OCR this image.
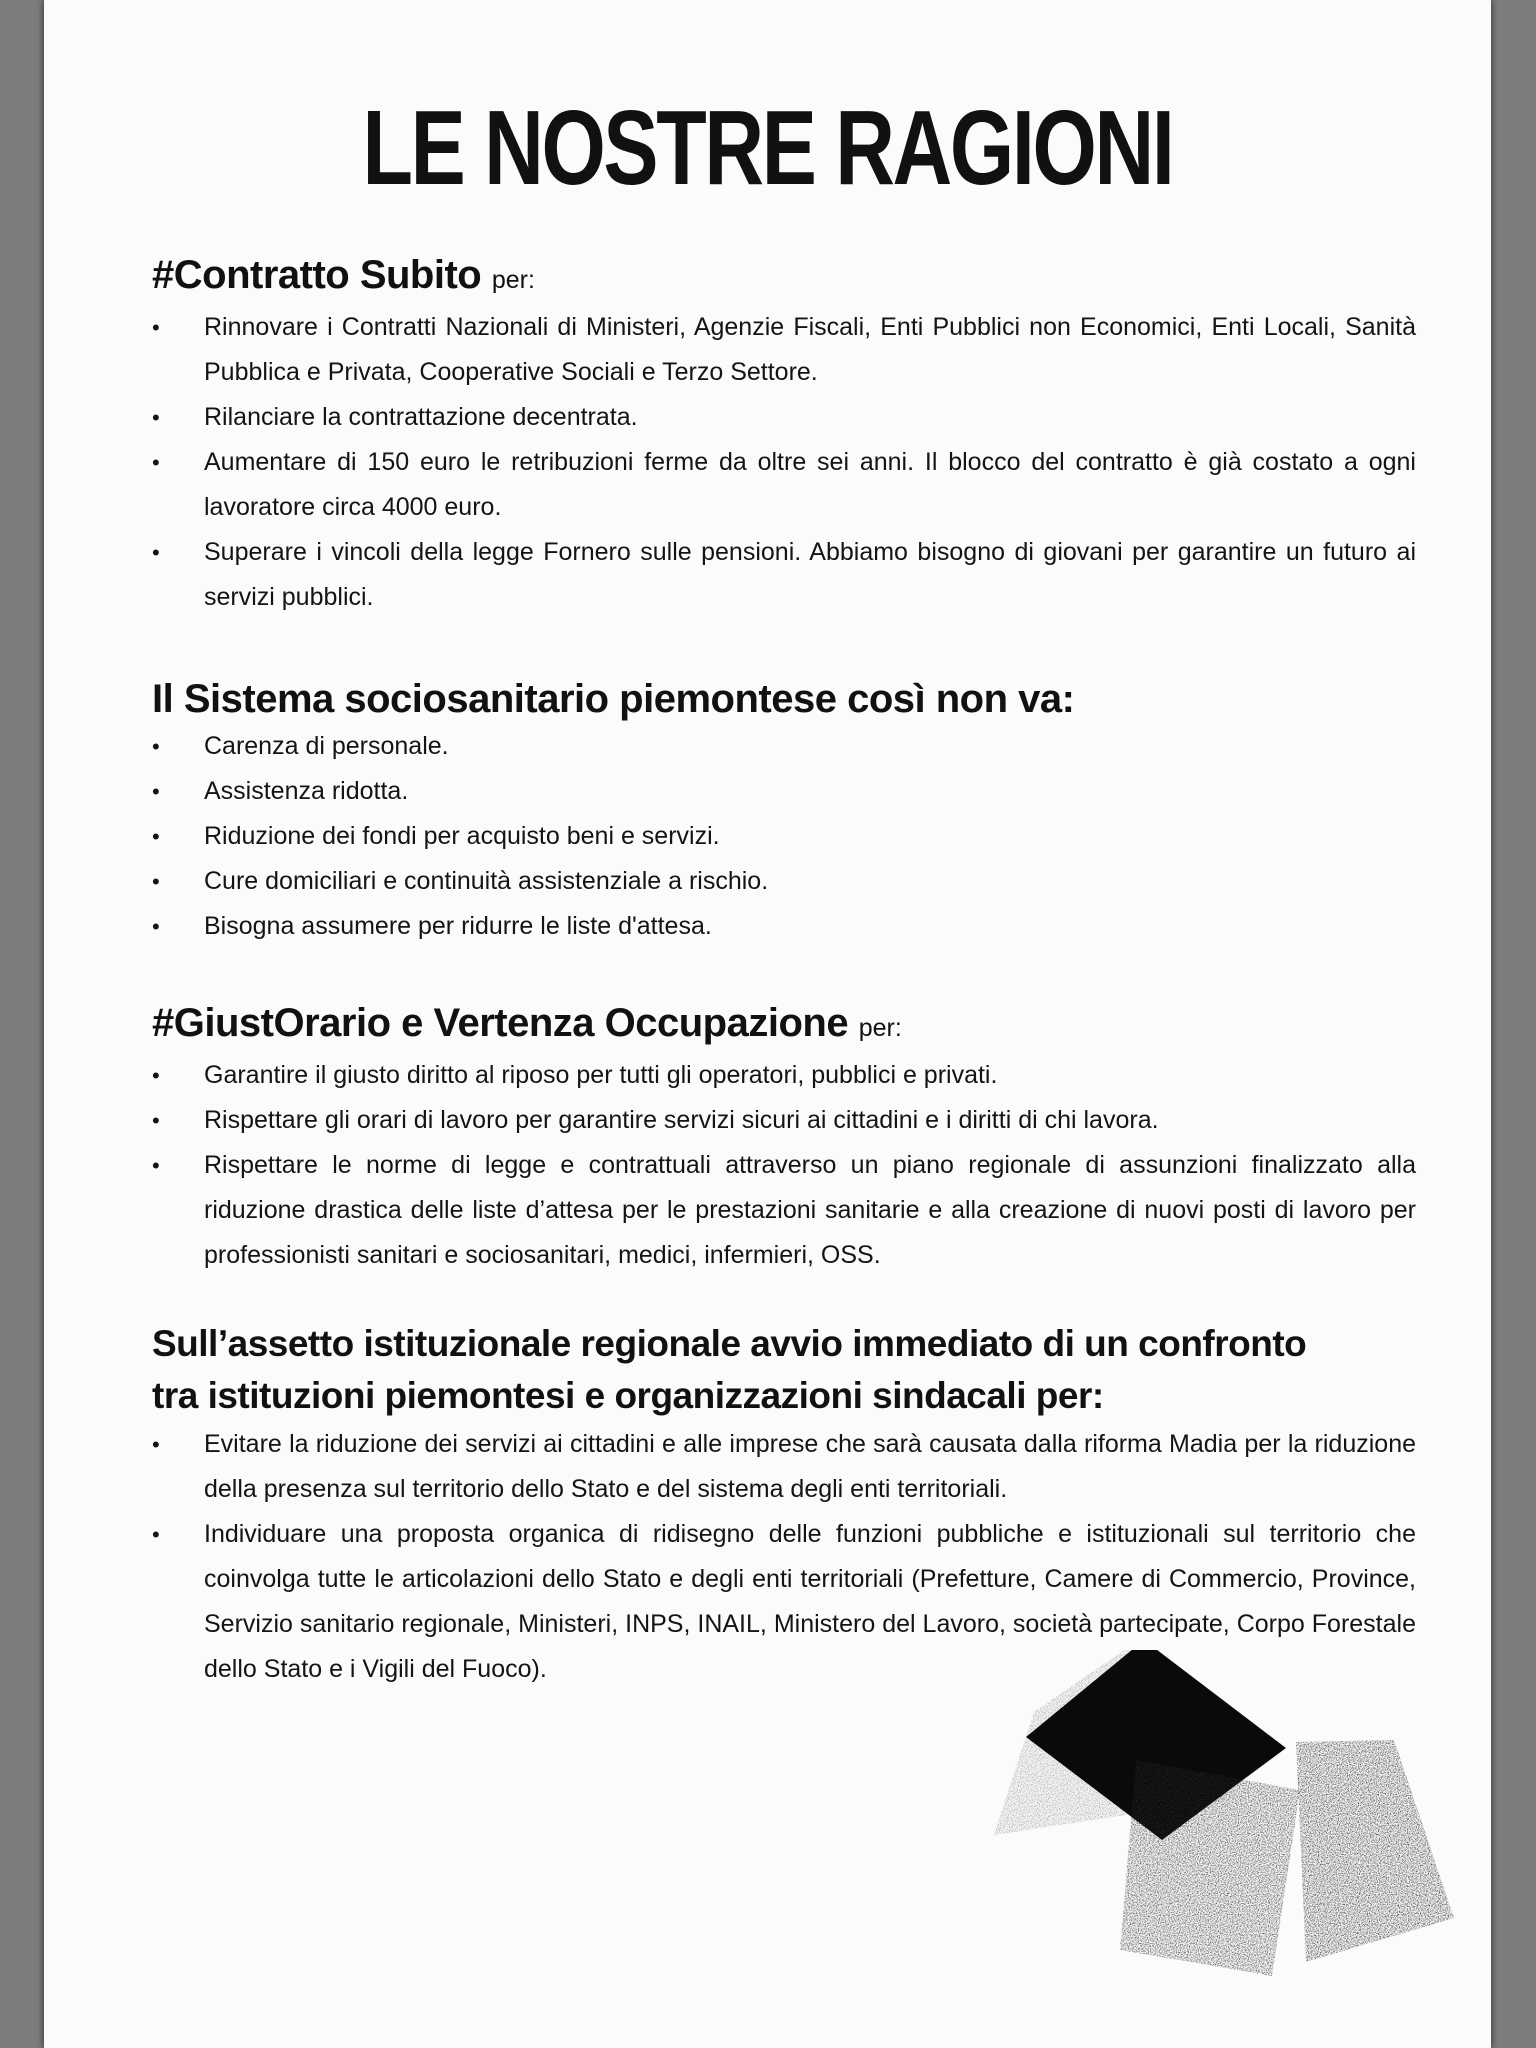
LE NOSTRE RAGIONI
#Contratto Subito per:
•	Rinnovare i Contratti Nazionali di Ministeri, Agenzie Fiscali, Enti Pubblici non Economici, Enti Locali, Sanità Pubblica e Privata, Cooperative Sociali e Terzo Settore.
•	Rilanciare la contrattazione decentrata.
•	Aumentare di 150 euro le retribuzioni ferme da oltre sei anni. Il blocco del contratto è già costato a ogni lavoratore circa 4000 euro.
•	Superare i vincoli della legge Fornero sulle pensioni. Abbiamo bisogno di giovani per garantire un futuro ai servizi pubblici.
Il Sistema sociosanitario piemontese così non va:
•	Carenza di personale.
•	Assistenza ridotta.
•	Riduzione dei fondi per acquisto beni e servizi.
•	Cure domiciliari e continuità assistenziale a rischio.
•	Bisogna assumere per ridurre le liste d'attesa.
#GiustOrario e Vertenza Occupazione per:
•	Garantire il giusto diritto al riposo per tutti gli operatori, pubblici e privati.
•	Rispettare gli orari di lavoro per garantire servizi sicuri ai cittadini e i diritti di chi lavora.
•	Rispettare le norme di legge e contrattuali attraverso un piano regionale di assunzioni finalizzato alla riduzione drastica delle liste d’attesa per le prestazioni sanitarie e alla creazione di nuovi posti di lavoro per professionisti sanitari e sociosanitari, medici, infermieri, OSS.
Sull’assetto istituzionale regionale avvio immediato di un confronto
tra istituzioni piemontesi e organizzazioni sindacali per:
•	Evitare la riduzione dei servizi ai cittadini e alle imprese che sarà causata dalla riforma Madia per la riduzione della presenza sul territorio dello Stato e del sistema degli enti territoriali.
•	Individuare una proposta organica di ridisegno delle funzioni pubbliche e istituzionali sul territorio che coinvolga tutte le articolazioni dello Stato e degli enti territoriali (Prefetture, Camere di Commercio, Province, Servizio sanitario regionale, Ministeri, INPS, INAIL, Ministero del Lavoro, società partecipate, Corpo Forestale dello Stato e i Vigili del Fuoco).
